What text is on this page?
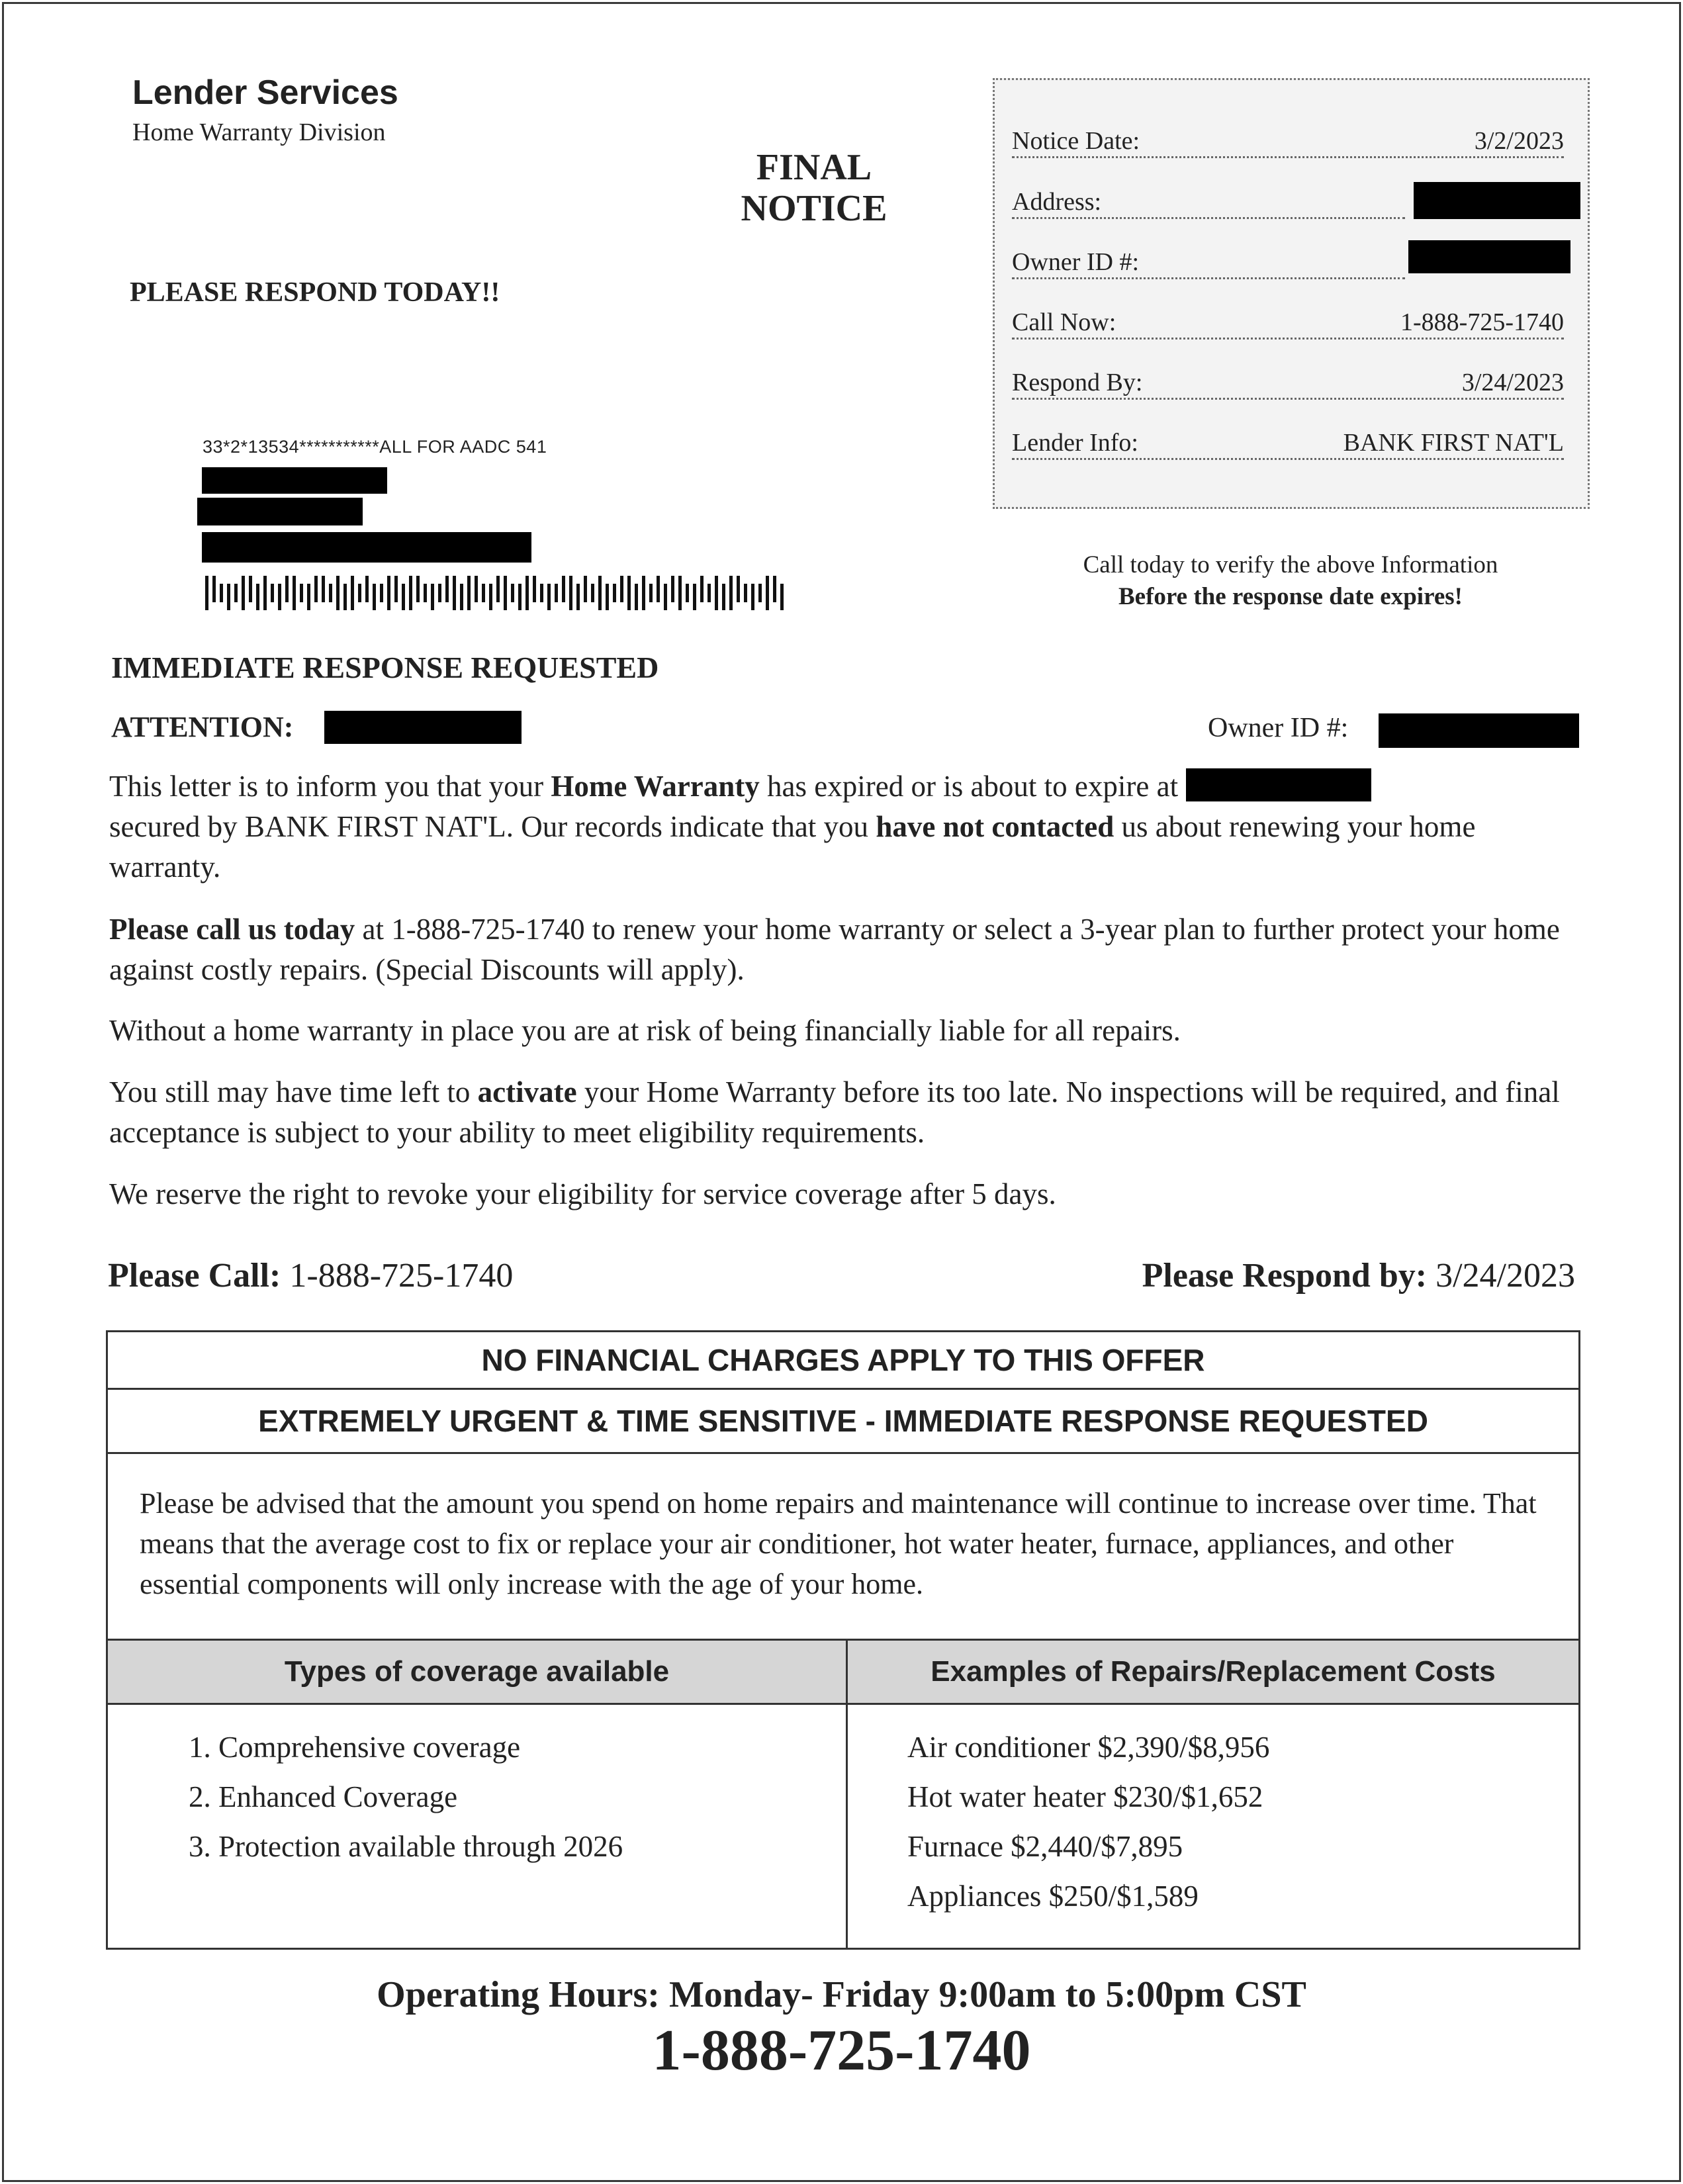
Lender Services
Home Warranty Division
FINAL
NOTICE
PLEASE RESPOND TODAY!!
Notice Date:	3/2/2023
Address:
Owner ID #:
Call Now:	1-888-725-1740
Respond By:	3/24/2023
Lender Info:	BANK FIRST NAT'L
Call today to verify the above Information
Before the response date expires!
33*2*13534***********ALL FOR AADC 541
IMMEDIATE RESPONSE REQUESTED
ATTENTION:	Owner ID #:

This letter is to inform you that your Home Warranty has expired or is about to expire at
secured by BANK FIRST NAT'L. Our records indicate that you have not contacted us about renewing your home warranty.

Please call us today at 1-888-725-1740 to renew your home warranty or select a 3-year plan to further protect your home against costly repairs. (Special Discounts will apply).

Without a home warranty in place you are at risk of being financially liable for all repairs.

You still may have time left to activate your Home Warranty before its too late. No inspections will be required, and final acceptance is subject to your ability to meet eligibility requirements.

We reserve the right to revoke your eligibility for service coverage after 5 days.

Please Call: 1-888-725-1740	Please Respond by: 3/24/2023
NO FINANCIAL CHARGES APPLY TO THIS OFFER
EXTREMELY URGENT & TIME SENSITIVE - IMMEDIATE RESPONSE REQUESTED
Please be advised that the amount you spend on home repairs and maintenance will continue to increase over time. That means that the average cost to fix or replace your air conditioner, hot water heater, furnace, appliances, and other essential components will only increase with the age of your home.
Types of coverage available	Examples of Repairs/Replacement Costs
1. Comprehensive coverage
2. Enhanced Coverage
3. Protection available through 2026
Air conditioner $2,390/$8,956
Hot water heater $230/$1,652
Furnace $2,440/$7,895
Appliances $250/$1,589
Operating Hours: Monday- Friday 9:00am to 5:00pm CST
1-888-725-1740
